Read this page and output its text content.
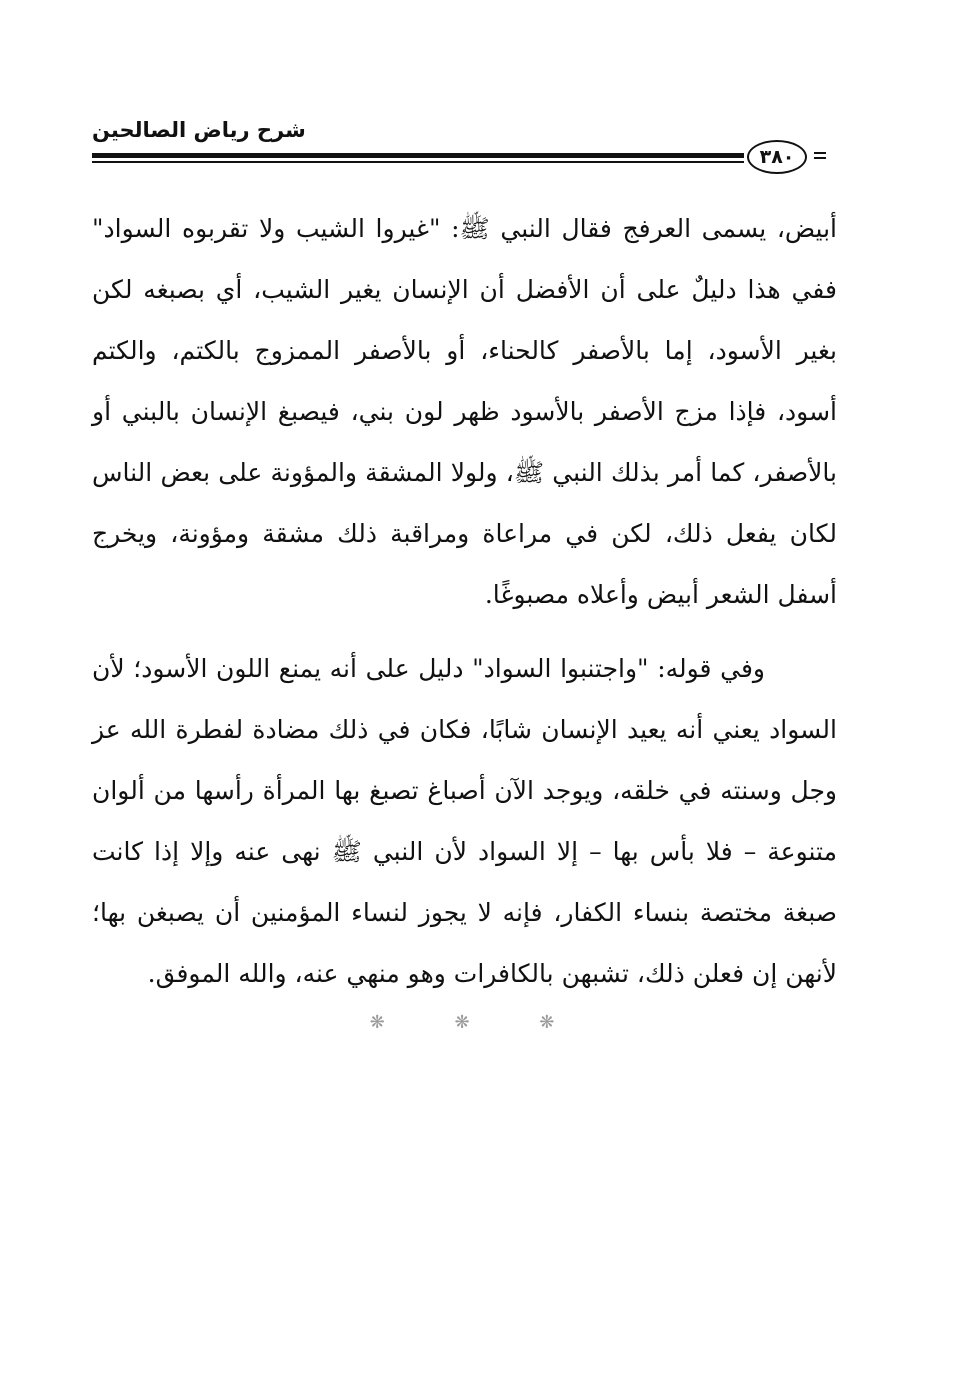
شرح رياض الصالحين
٣٨٠

أبيض، يسمى العرفج فقال النبي ﷺ: "غيروا الشيب ولا تقربوه السواد" ففي هذا دليلٌ على أن الأفضل أن الإنسان يغير الشيب، أي بصبغه لكن بغير الأسود، إما بالأصفر كالحناء، أو بالأصفر الممزوج بالكتم، والكتم أسود، فإذا مزج الأصفر بالأسود ظهر لون بني، فيصبغ الإنسان بالبني أو بالأصفر، كما أمر بذلك النبي ﷺ، ولولا المشقة والمؤونة على بعض الناس لكان يفعل ذلك، لكن في مراعاة ومراقبة ذلك مشقة ومؤونة، ويخرج أسفل الشعر أبيض وأعلاه مصبوغًا.

وفي قوله: "واجتنبوا السواد" دليل على أنه يمنع اللون الأسود؛ لأن السواد يعني أنه يعيد الإنسان شابًا، فكان في ذلك مضادة لفطرة الله عز وجل وسنته في خلقه، ويوجد الآن أصباغ تصبغ بها المرأة رأسها من ألوان متنوعة – فلا بأس بها – إلا السواد لأن النبي ﷺ نهى عنه وإلا إذا كانت صبغة مختصة بنساء الكفار، فإنه لا يجوز لنساء المؤمنين أن يصبغن بها؛ لأنهن إن فعلن ذلك، تشبهن بالكافرات وهو منهي عنه، والله الموفق.

❋ ❋ ❋
